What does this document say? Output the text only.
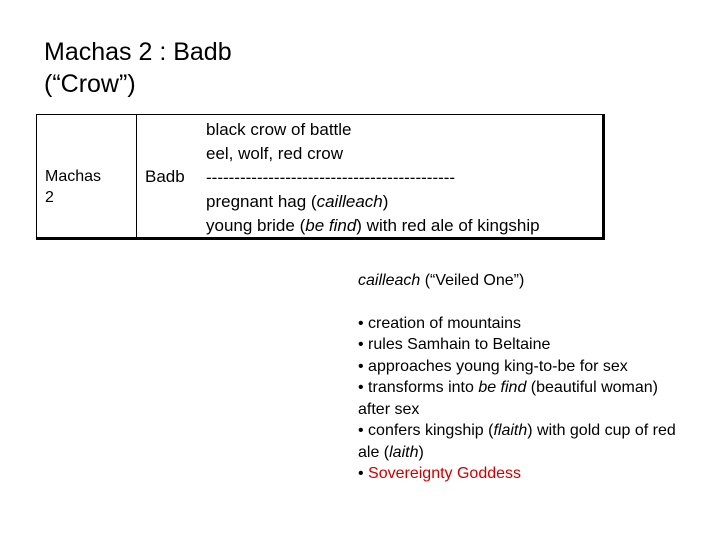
Machas 2 : Badb
(“Crow”)
Machas
2
Badb
black crow of battle
eel, wolf, red crow
--------------------------------------------
pregnant hag (cailleach)
young bride (be find) with red ale of kingship
cailleach (“Veiled One”)
• creation of mountains
• rules Samhain to Beltaine
• approaches young king-to-be for sex
• transforms into be find (beautiful woman) after sex
• confers kingship (flaith) with gold cup of red ale (laith)
• Sovereignty Goddess
